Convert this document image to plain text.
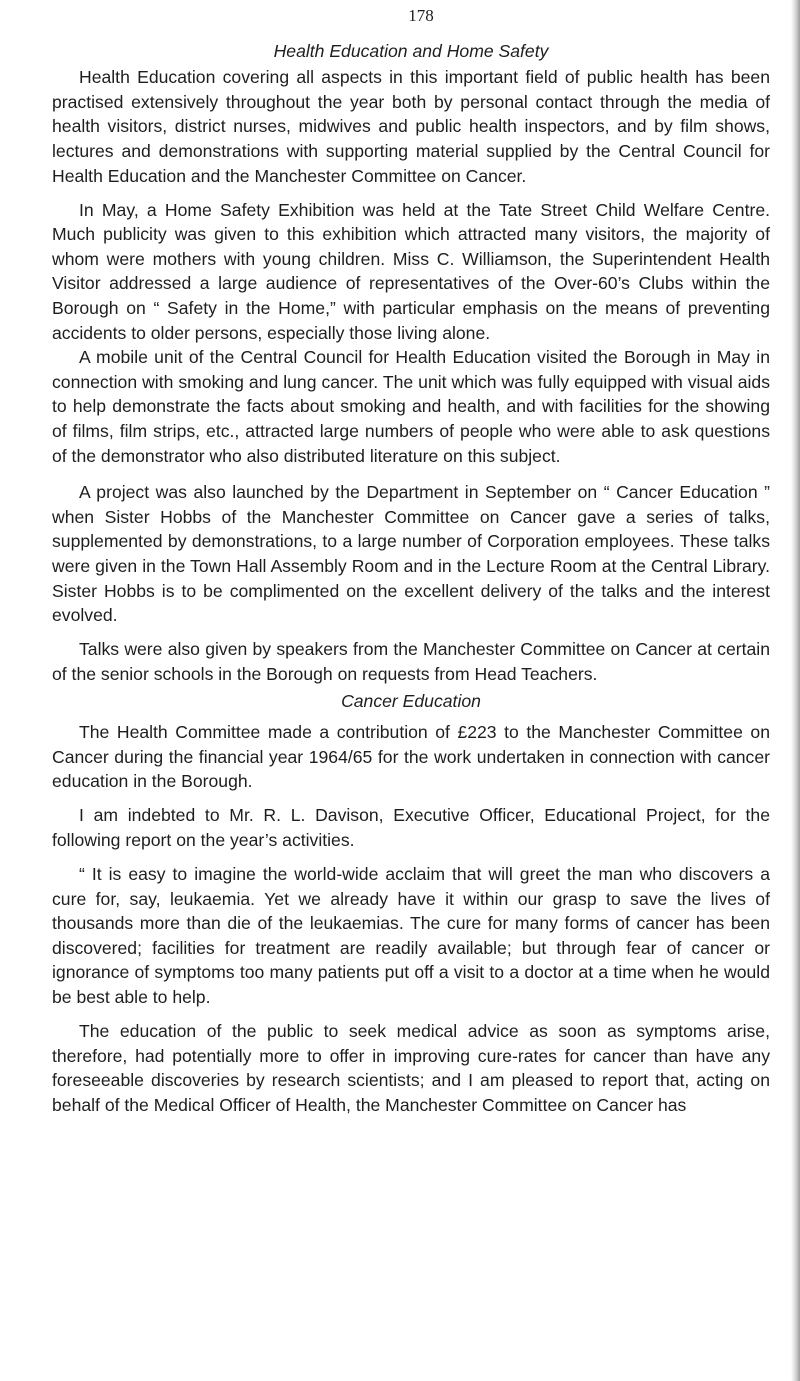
178
Health Education and Home Safety

Health Education covering all aspects in this important field of public health has been practised extensively throughout the year both by personal contact through the media of health visitors, district nurses, midwives and public health inspectors, and by film shows, lectures and demonstrations with supporting material supplied by the Central Council for Health Education and the Manchester Committee on Cancer.

In May, a Home Safety Exhibition was held at the Tate Street Child Welfare Centre. Much publicity was given to this exhibition which attracted many visitors, the majority of whom were mothers with young children. Miss C. Williamson, the Superintendent Health Visitor addressed a large audience of representatives of the Over-60’s Clubs within the Borough on “ Safety in the Home,” with particular emphasis on the means of preventing accidents to older persons, especially those living alone.

A mobile unit of the Central Council for Health Education visited the Borough in May in connection with smoking and lung cancer. The unit which was fully equipped with visual aids to help demonstrate the facts about smoking and health, and with facilities for the showing of films, film strips, etc., attracted large numbers of people who were able to ask questions of the demonstrator who also distributed literature on this subject.

A project was also launched by the Department in September on “ Cancer Education ” when Sister Hobbs of the Manchester Committee on Cancer gave a series of talks, supplemented by demonstrations, to a large number of Corporation employees. These talks were given in the Town Hall Assembly Room and in the Lecture Room at the Central Library. Sister Hobbs is to be complimented on the excellent delivery of the talks and the interest evolved.

Talks were also given by speakers from the Manchester Committee on Cancer at certain of the senior schools in the Borough on requests from Head Teachers.

Cancer Education

The Health Committee made a contribution of £223 to the Manchester Committee on Cancer during the financial year 1964/65 for the work undertaken in connection with cancer education in the Borough.

I am indebted to Mr. R. L. Davison, Executive Officer, Educational Project, for the following report on the year’s activities.

“ It is easy to imagine the world-wide acclaim that will greet the man who discovers a cure for, say, leukaemia. Yet we already have it within our grasp to save the lives of thousands more than die of the leukaemias. The cure for many forms of cancer has been discovered; facilities for treatment are readily available; but through fear of cancer or ignorance of symptoms too many patients put off a visit to a doctor at a time when he would be best able to help.

The education of the public to seek medical advice as soon as symptoms arise, therefore, had potentially more to offer in improving cure-rates for cancer than have any foreseeable discoveries by research scientists; and I am pleased to report that, acting on behalf of the Medical Officer of Health, the Manchester Committee on Cancer has
